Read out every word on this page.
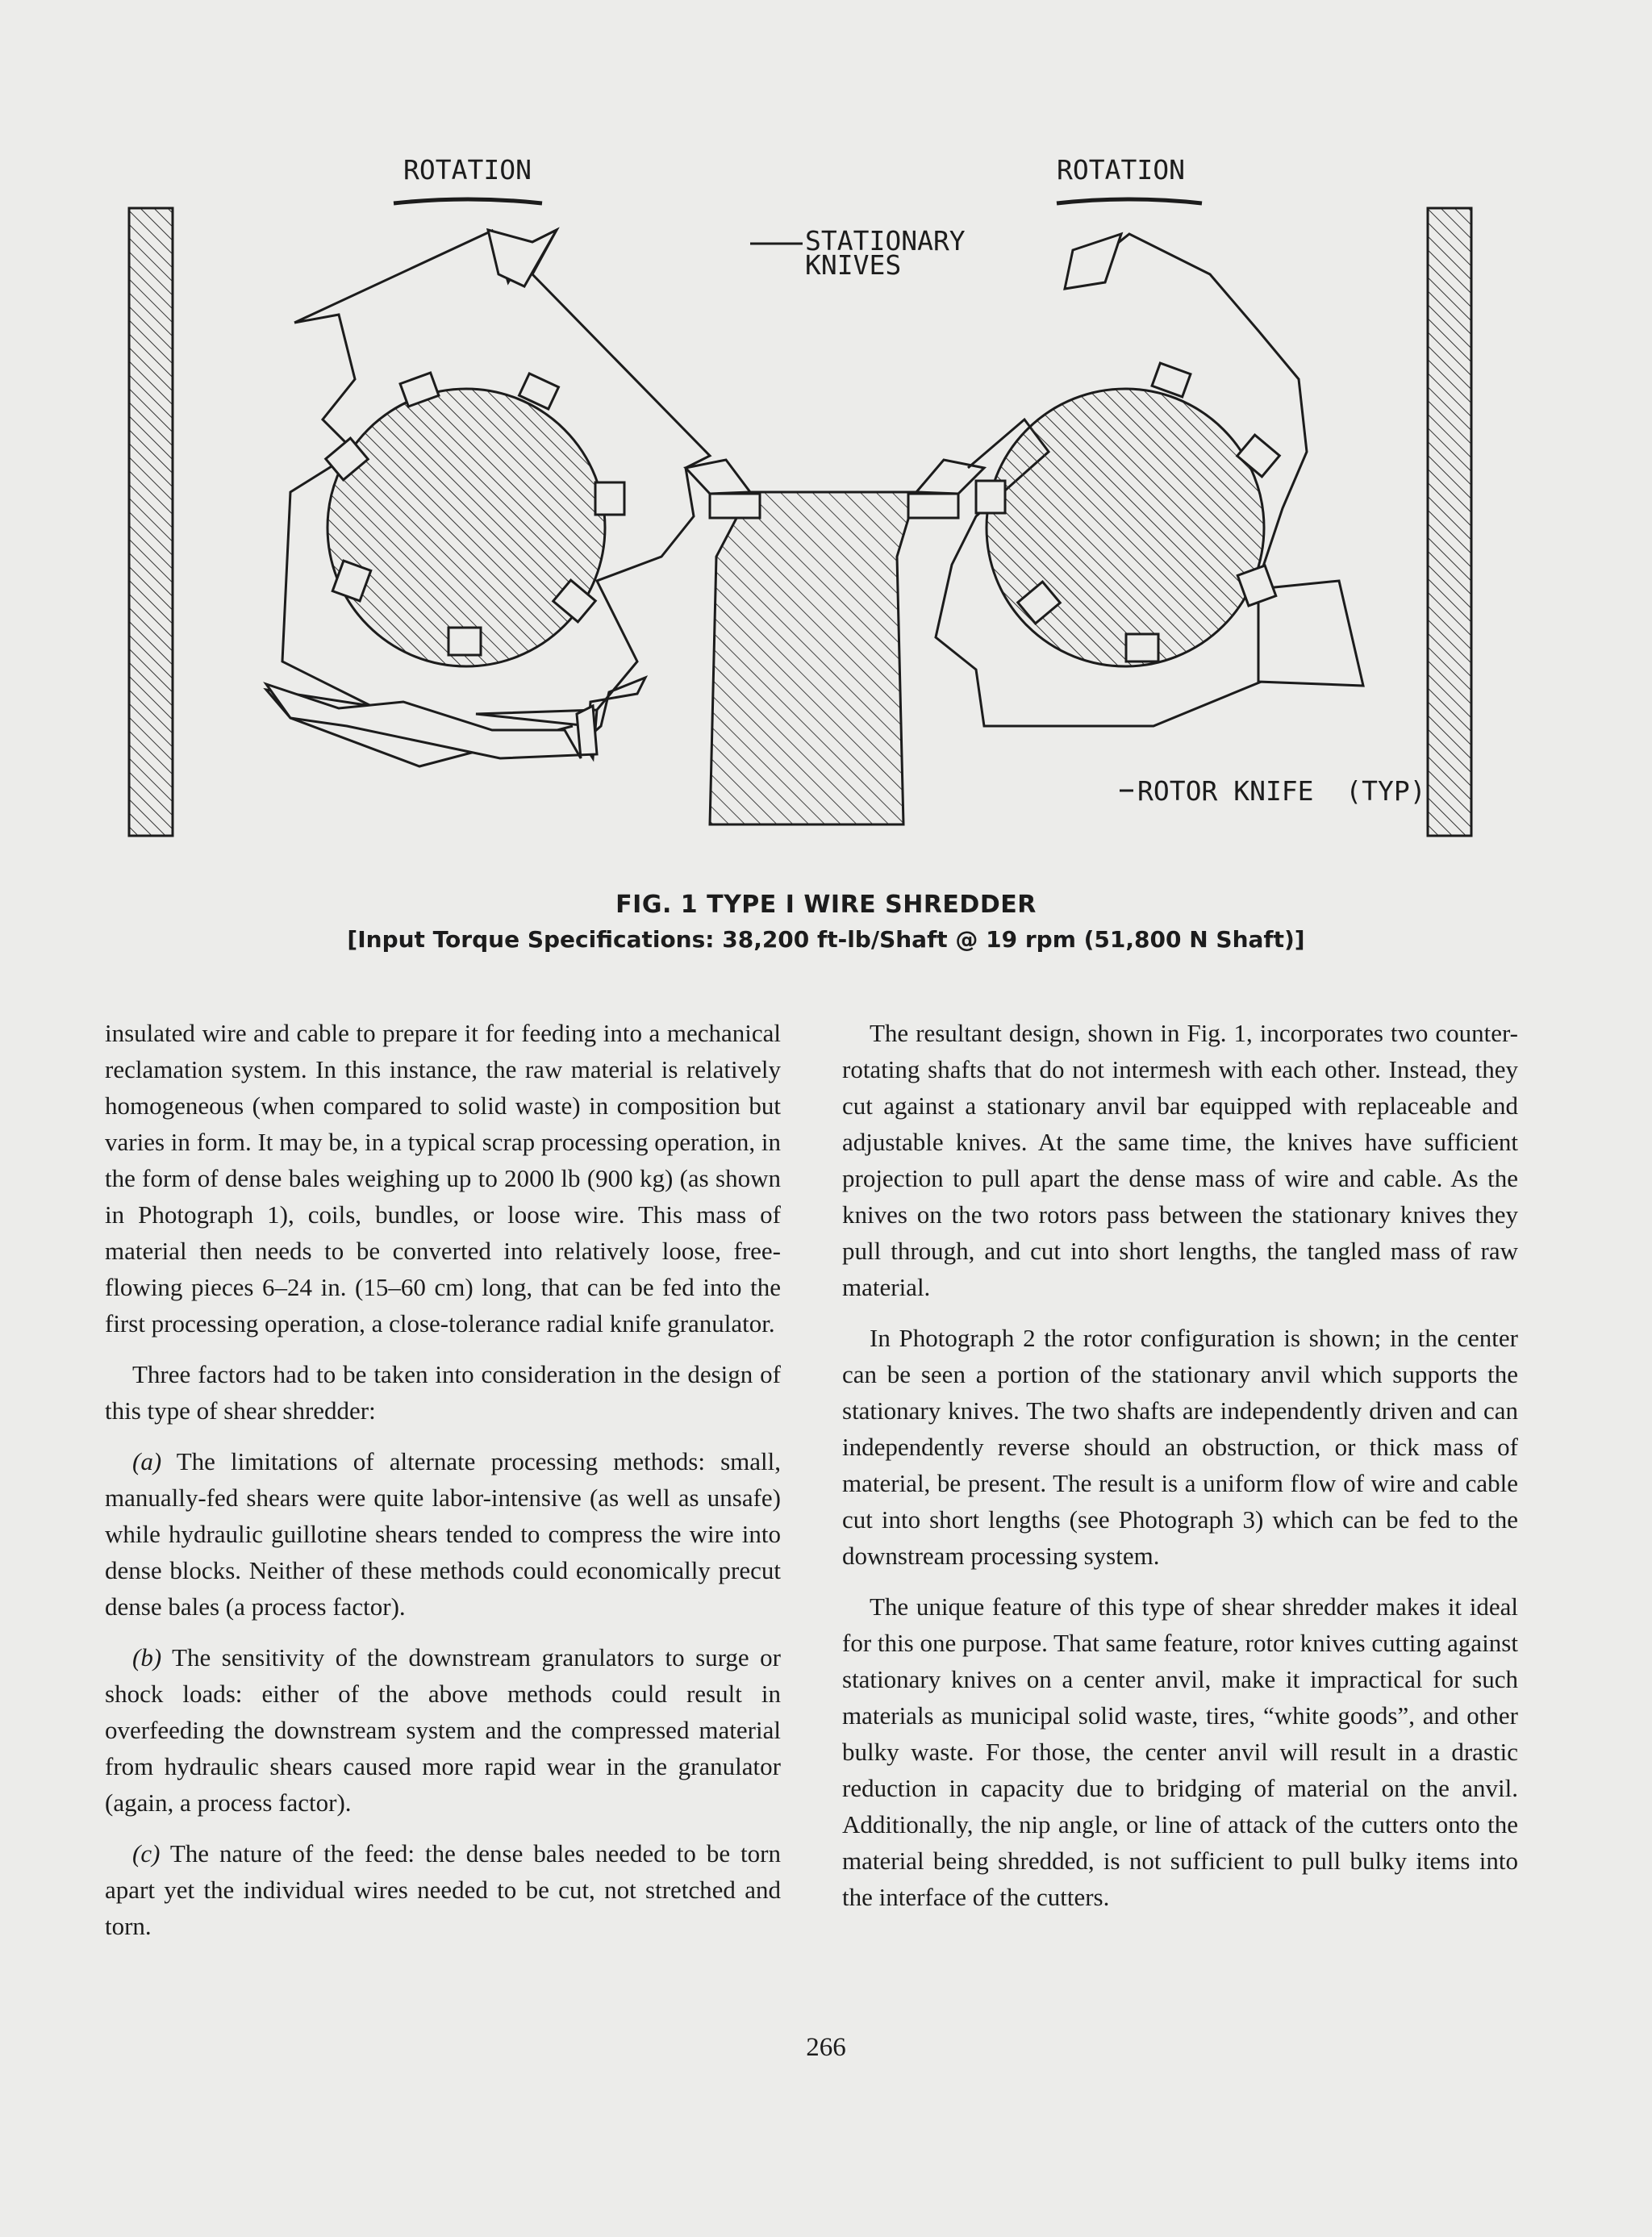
ROTATION	ROTATION
STATIONARY
KNIVES
ROTOR KNIFE  (TYP)
FIG. 1 TYPE I WIRE SHREDDER
[Input Torque Specifications: 38,200 ft-lb/Shaft @ 19 rpm (51,800 N Shaft)]

insulated wire and cable to prepare it for feeding into a mechanical reclamation system. In this instance, the raw material is relatively homogeneous (when compared to solid waste) in composition but varies in form. It may be, in a typical scrap processing operation, in the form of dense bales weighing up to 2000 lb (900 kg) (as shown in Photograph 1), coils, bundles, or loose wire. This mass of material then needs to be converted into relatively loose, free-flowing pieces 6–24 in. (15–60 cm) long, that can be fed into the first processing operation, a close-tolerance radial knife granulator.

Three factors had to be taken into consideration in the design of this type of shear shredder:

(a) The limitations of alternate processing methods: small, manually-fed shears were quite labor-intensive (as well as unsafe) while hydraulic guillotine shears tended to compress the wire into dense blocks. Neither of these methods could economically precut dense bales (a process factor).

(b) The sensitivity of the downstream granulators to surge or shock loads: either of the above methods could result in overfeeding the downstream system and the compressed material from hydraulic shears caused more rapid wear in the granulator (again, a process factor).

(c) The nature of the feed: the dense bales needed to be torn apart yet the individual wires needed to be cut, not stretched and torn.

The resultant design, shown in Fig. 1, incorporates two counter-rotating shafts that do not intermesh with each other. Instead, they cut against a stationary anvil bar equipped with replaceable and adjustable knives. At the same time, the knives have sufficient projection to pull apart the dense mass of wire and cable. As the knives on the two rotors pass between the stationary knives they pull through, and cut into short lengths, the tangled mass of raw material.

In Photograph 2 the rotor configuration is shown; in the center can be seen a portion of the stationary anvil which supports the stationary knives. The two shafts are independently driven and can independently reverse should an obstruction, or thick mass of material, be present. The result is a uniform flow of wire and cable cut into short lengths (see Photograph 3) which can be fed to the downstream processing system.

The unique feature of this type of shear shredder makes it ideal for this one purpose. That same feature, rotor knives cutting against stationary knives on a center anvil, make it impractical for such materials as municipal solid waste, tires, “white goods”, and other bulky waste. For those, the center anvil will result in a drastic reduction in capacity due to bridging of material on the anvil. Additionally, the nip angle, or line of attack of the cutters onto the material being shredded, is not sufficient to pull bulky items into the interface of the cutters.

266
